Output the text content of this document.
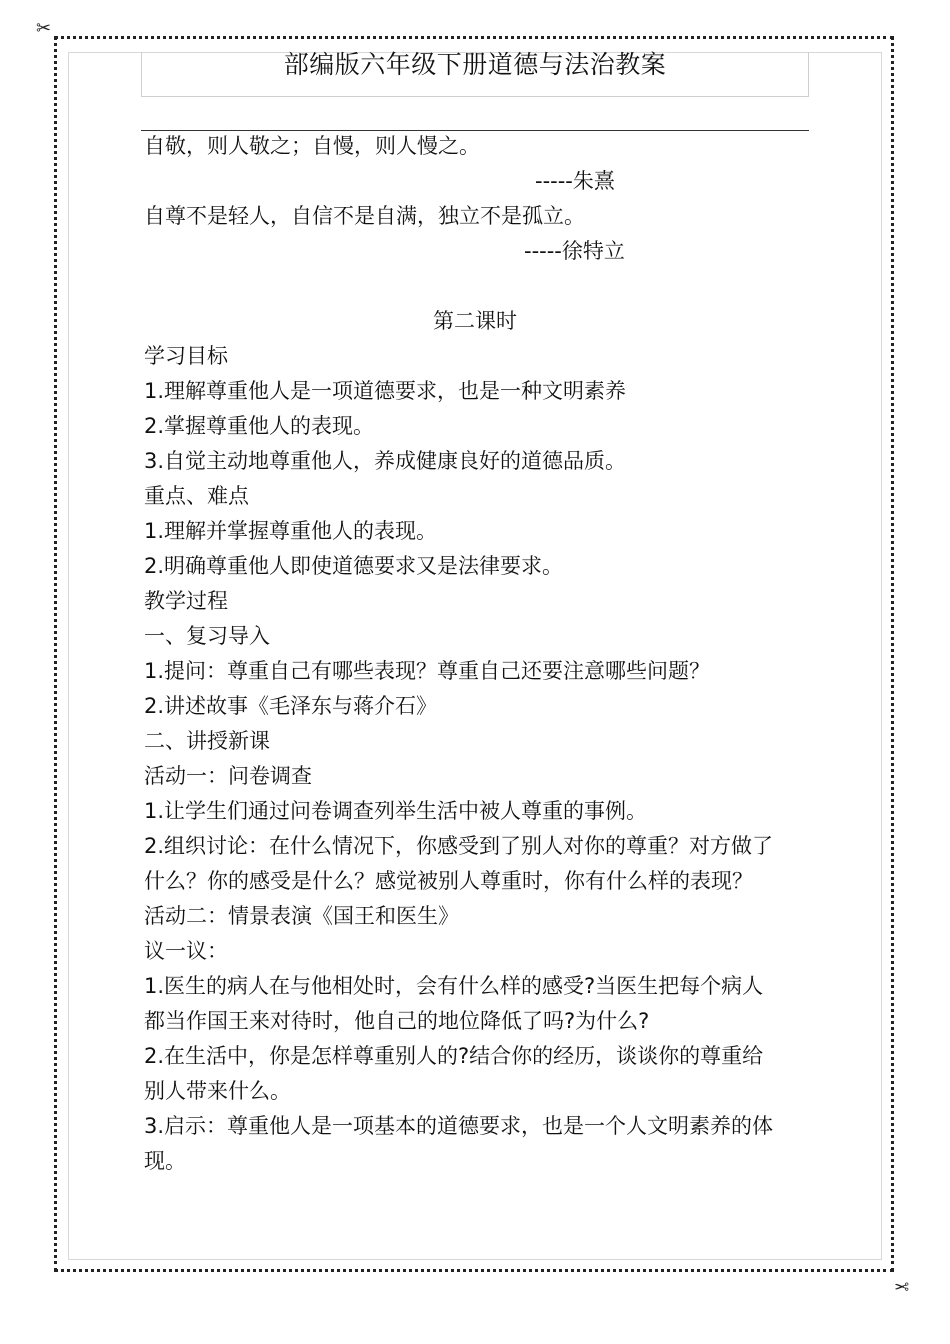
✂
✂
部编版六年级下册道德与法治教案
自敬，则人敬之；自慢，则人慢之。
-----朱熹
自尊不是轻人，自信不是自满，独立不是孤立。
-----徐特立
第二课时
学习目标
1.理解尊重他人是一项道德要求，也是一种文明素养
2.掌握尊重他人的表现。
3.自觉主动地尊重他人，养成健康良好的道德品质。
重点、难点
1.理解并掌握尊重他人的表现。
2.明确尊重他人即使道德要求又是法律要求。
教学过程
一、复习导入
1.提问：尊重自己有哪些表现？尊重自己还要注意哪些问题？
2.讲述故事《毛泽东与蒋介石》
二、讲授新课
活动一：问卷调查
1.让学生们通过问卷调查列举生活中被人尊重的事例。
2.组织讨论：在什么情况下，你感受到了别人对你的尊重？对方做了
什么？你的感受是什么？感觉被别人尊重时，你有什么样的表现？
活动二：情景表演《国王和医生》
议一议：
1.医生的病人在与他相处时，会有什么样的感受?当医生把每个病人
都当作国王来对待时，他自己的地位降低了吗?为什么?
2.在生活中，你是怎样尊重别人的?结合你的经历，谈谈你的尊重给
别人带来什么。
3.启示：尊重他人是一项基本的道德要求，也是一个人文明素养的体
现。
